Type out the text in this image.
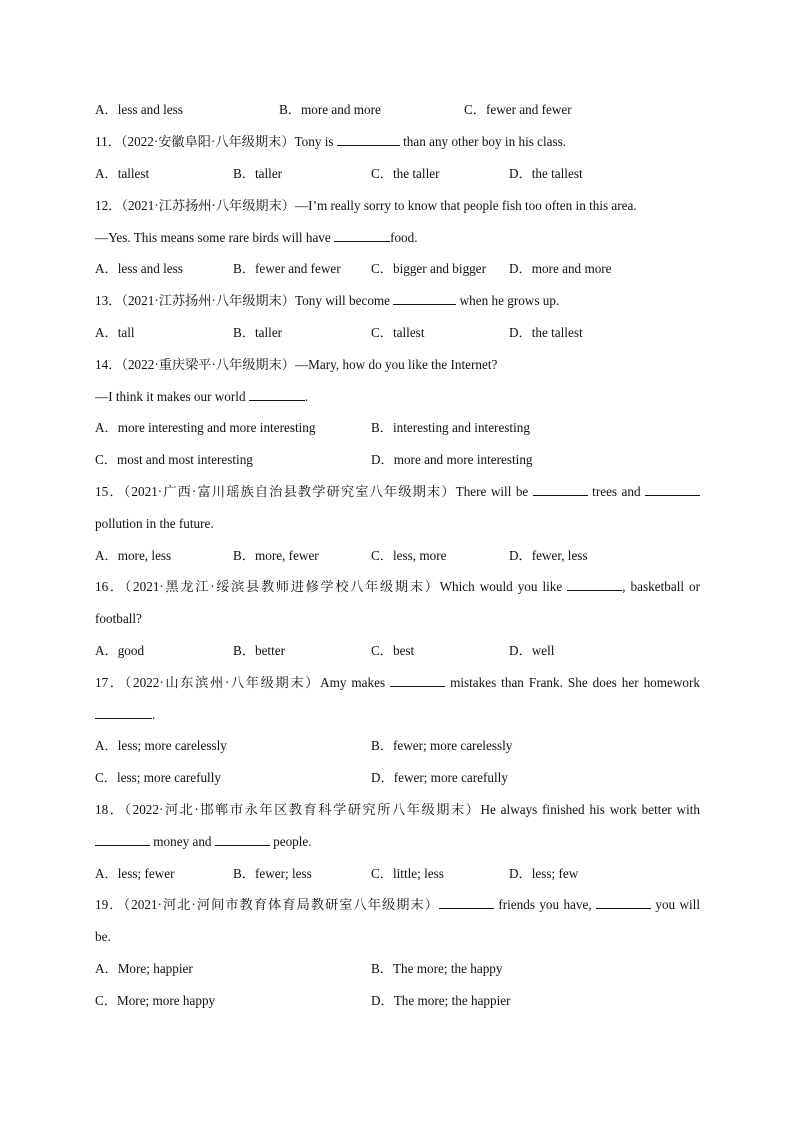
A．less and less	B．more and more	C．fewer and fewer
11．（2022·安徽阜阳·八年级期末）Tony is	than any other boy in his class.
A．tallest	B．taller	C．the taller	D．the tallest
12．（2021·江苏扬州·八年级期末）—I’m really sorry to know that people fish too often in this area.
—Yes. This means some rare birds will have	food.
A．less and less	B．fewer and fewer C．bigger and bigger D．more and more
13．（2021·江苏扬州·八年级期末）Tony will become	when he grows up.
A．tall	B．taller	C．tallest	D．the tallest
14．（2022·重庆梁平·八年级期末）—Mary, how do you like the Internet?
—I think it makes our world	.
A．more interesting and more interesting	B．interesting and interesting
C．most and most interesting	D．more and more interesting
15．（2021·广西·富川瑶族自治县教学研究室八年级期末）There will be	trees and
pollution in the future.
A．more, less	B．more, fewer	C．less, more	D．fewer, less
16．（2021·黑龙江·绥滨县教师进修学校八年级期末）Which would you like	, basketball or
football?
A．good	B．better	C．best	D．well
17．（2022·山东滨州·八年级期末）Amy makes	mistakes than Frank. She does her homework
.
A．less; more carelessly	B．fewer; more carelessly
C．less; more carefully	D．fewer; more carefully
18．（2022·河北·邯郸市永年区教育科学研究所八年级期末）He always finished his work better with
money and	people.
A．less; fewer	B．fewer; less	C．little; less	D．less; few
19．（2021·河北·河间市教育体育局教研室八年级期末）	friends you have,	you will
be.
A．More; happier	B．The more; the happy
C．More; more happy	D．The more; the happier
